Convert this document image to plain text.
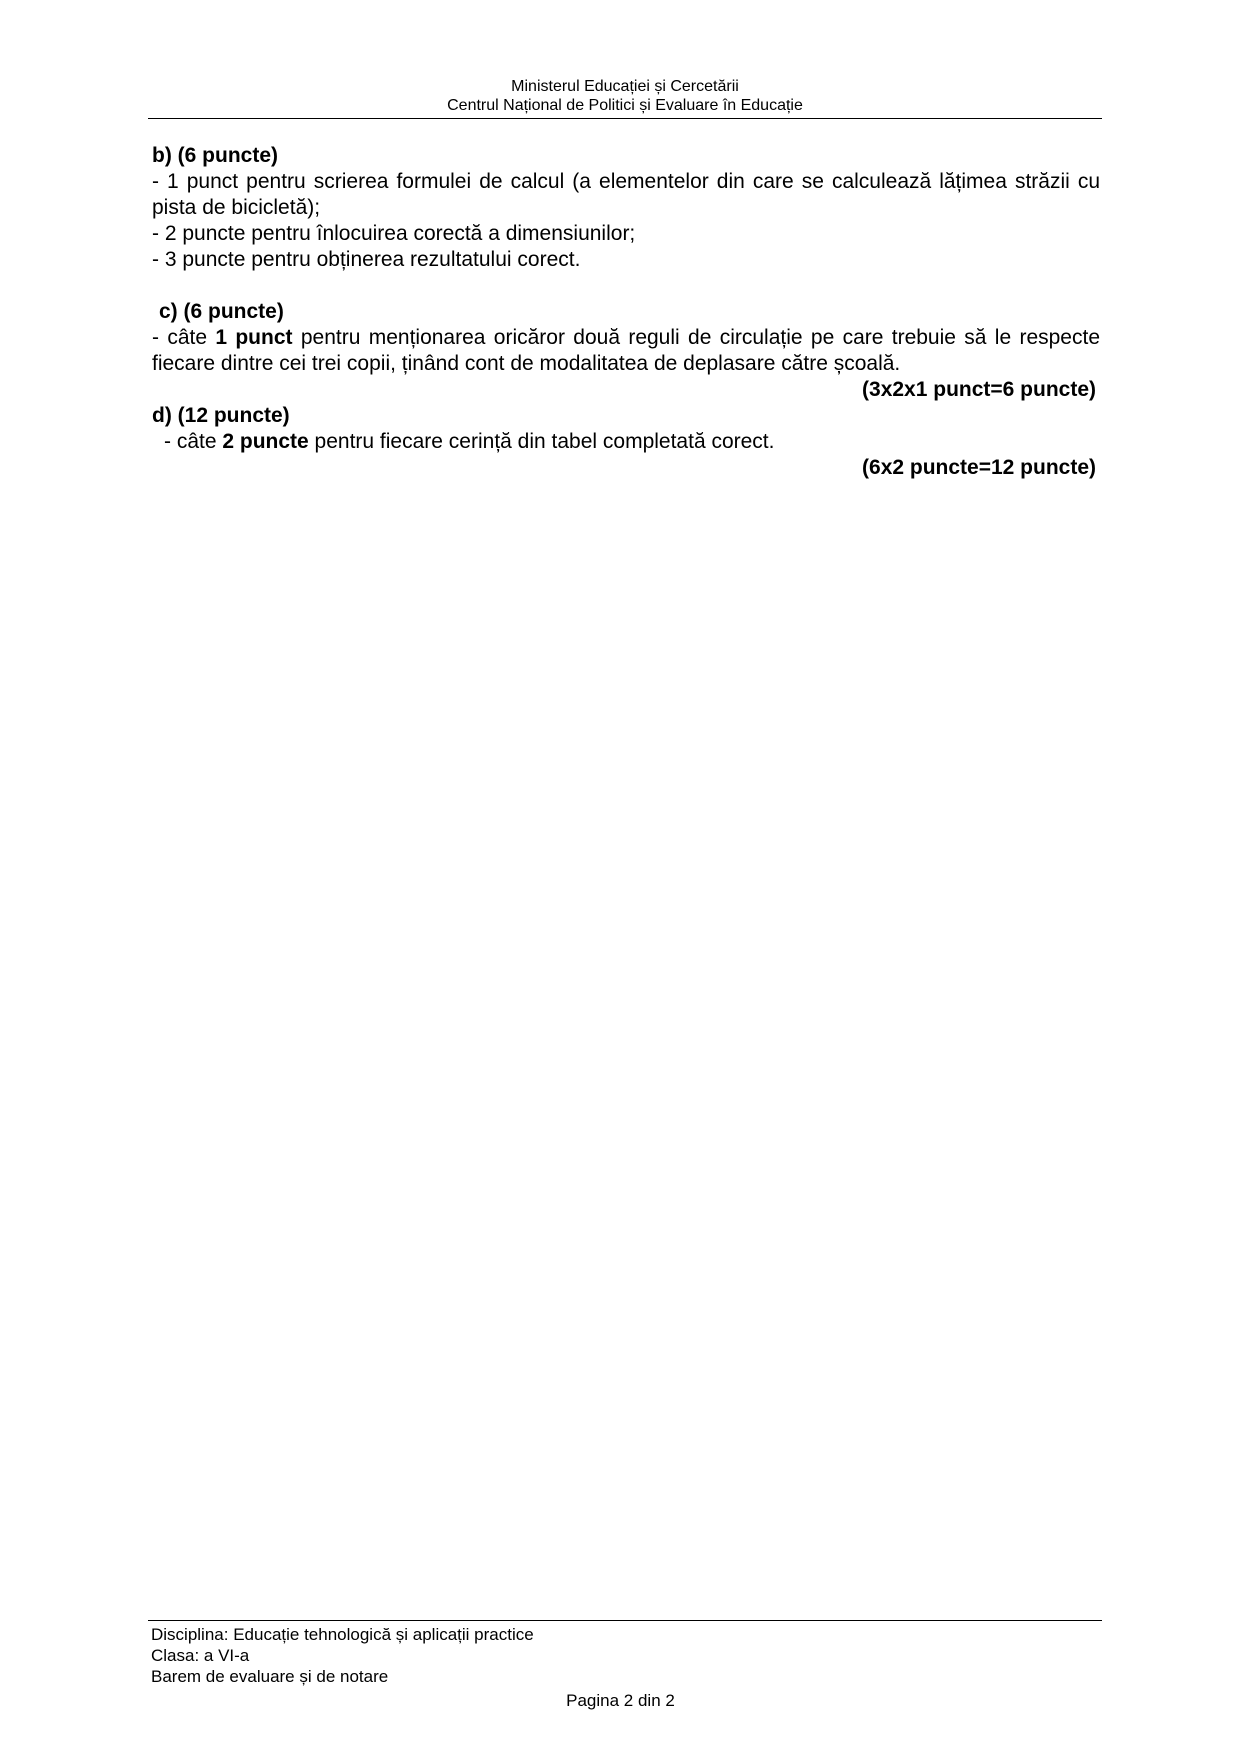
Ministerul Educației și Cercetării
Centrul Național de Politici și Evaluare în Educație

b) (6 puncte)

- 1 punct pentru scrierea formulei de calcul (a elementelor din care se calculează lățimea străzii cu pista de bicicletă);

- 2 puncte pentru înlocuirea corectă a dimensiunilor;

- 3 puncte pentru obținerea rezultatului corect.

c) (6 puncte)

- câte 1 punct pentru menționarea oricăror două reguli de circulație pe care trebuie să le respecte fiecare dintre cei trei copii, ținând cont de modalitatea de deplasare către școală.

(3x2x1 punct=6 puncte)

d) (12 puncte)

- câte 2 puncte pentru fiecare cerință din tabel completată corect.

(6x2 puncte=12 puncte)

Disciplina: Educație tehnologică și aplicații practice
Clasa: a VI-a
Barem de evaluare și de notare
Pagina 2 din 2
